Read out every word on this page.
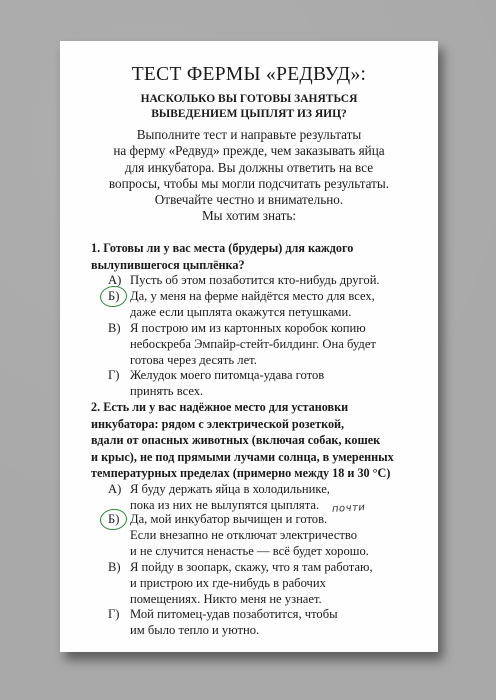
ТЕСТ ФЕРМЫ «РЕДВУД»:
НАСКОЛЬКО ВЫ ГОТОВЫ ЗАНЯТЬСЯ
ВЫВЕДЕНИЕМ ЦЫПЛЯТ ИЗ ЯИЦ?
Выполните тест и направьте результаты
на ферму «Редвуд» прежде, чем заказывать яйца
для инкубатора. Вы должны ответить на все
вопросы, чтобы мы могли подсчитать результаты.
Отвечайте честно и внимательно.
Мы хотим знать:
1. Готовы ли у вас места (брудеры) для каждого
вылупившегося цыплёнка?
А) Пусть об этом позаботится кто-нибудь другой.
Б) Да, у меня на ферме найдётся место для всех,
даже если цыплята окажутся петушками.
В) Я построю им из картонных коробок копию
небоскреба Эмпайр-стейт-билдинг. Она будет
готова через десять лет.
Г) Желудок моего питомца-удава готов
принять всех.
2. Есть ли у вас надёжное место для установки
инкубатора: рядом с электрической розеткой,
вдали от опасных животных (включая собак, кошек
и крыс), не под прямыми лучами солнца, в умеренных
температурных пределах (примерно между 18 и 30 °С)
А) Я буду держать яйца в холодильнике,
пока из них не вылупятся цыплята.
Б) Да, мой инкубатор вычищен и готов.
Если внезапно не отключат электричество
и не случится ненастье — всё будет хорошо.
почти
В) Я пойду в зоопарк, скажу, что я там работаю,
и пристрою их где-нибудь в рабочих
помещениях. Никто меня не узнает.
Г) Мой питомец-удав позаботится, чтобы
им было тепло и уютно.
